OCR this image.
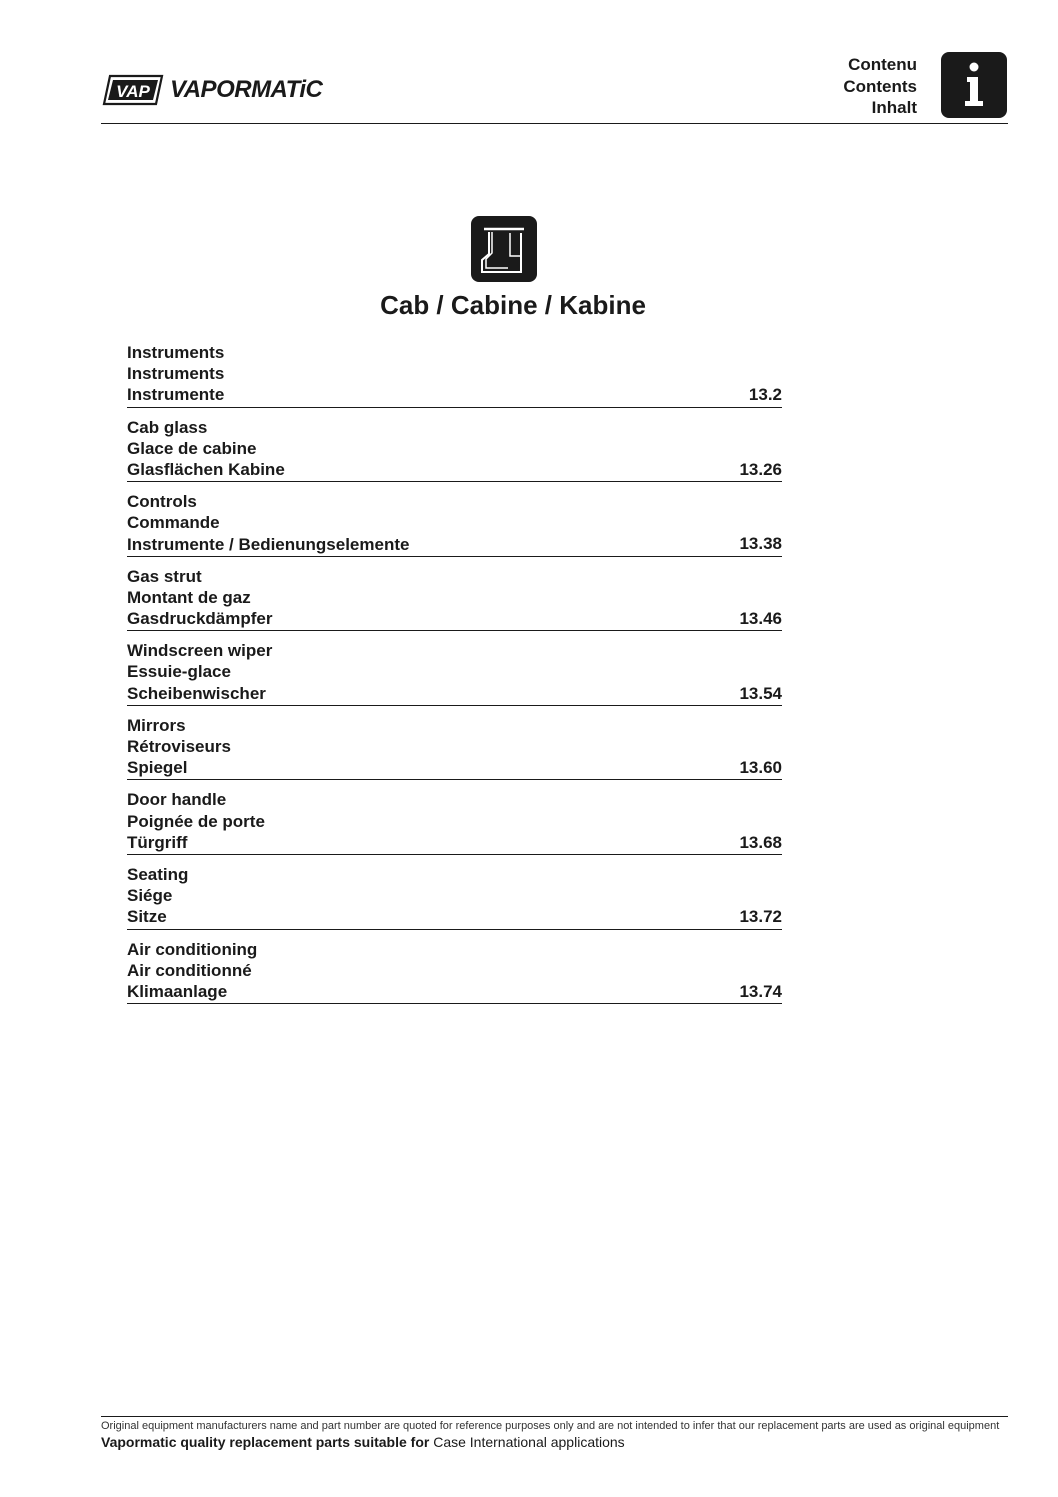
VAP VAPORMATiC
Contenu
Contents
Inhalt
Cab / Cabine / Kabine
Instruments
Instruments
Instrumente	13.2
Cab glass
Glace de cabine
Glasflächen Kabine	13.26
Controls
Commande
Instrumente / Bedienungselemente	13.38
Gas strut
Montant de gaz
Gasdruckdämpfer	13.46
Windscreen wiper
Essuie-glace
Scheibenwischer	13.54
Mirrors
Rétroviseurs
Spiegel	13.60
Door handle
Poignée de porte
Türgriff	13.68
Seating
Siége
Sitze	13.72
Air conditioning
Air conditionné
Klimaanlage	13.74
Original equipment manufacturers name and part number are quoted for reference purposes only and are not intended to infer that our replacement parts are used as original equipment
Vapormatic quality replacement parts suitable for Case International applications
